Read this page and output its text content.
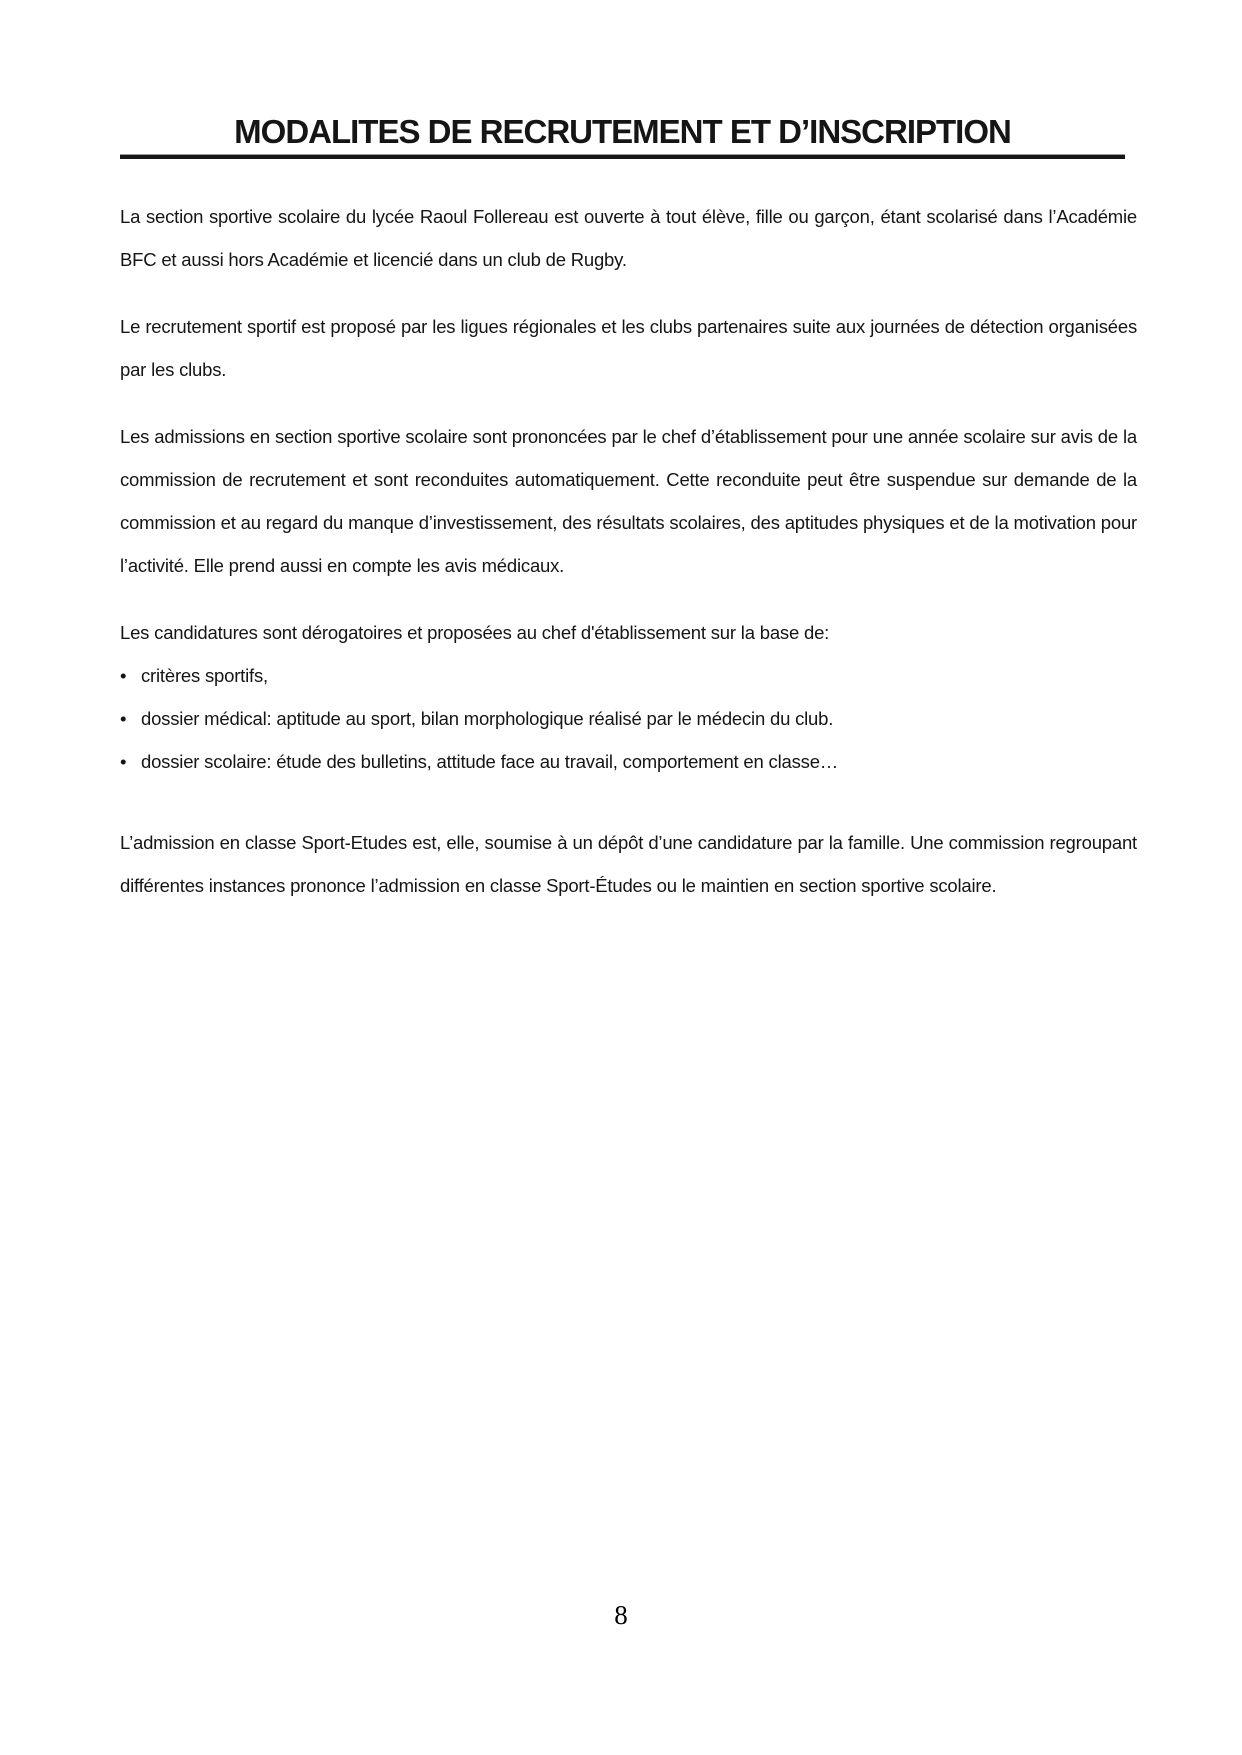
MODALITES DE RECRUTEMENT ET D’INSCRIPTION

La section sportive scolaire du lycée Raoul Follereau est ouverte à tout élève, fille ou garçon, étant scolarisé dans l’Académie BFC et aussi hors Académie et licencié dans un club de Rugby.

Le recrutement sportif est proposé par les ligues régionales et les clubs partenaires suite aux journées de détection organisées par les clubs.

Les admissions en section sportive scolaire sont prononcées par le chef d’établissement pour une année scolaire sur avis de la commission de recrutement et sont reconduites automatiquement. Cette reconduite peut être suspendue sur demande de la commission et au regard du manque d’investissement, des résultats scolaires, des aptitudes physiques et de la motivation pour l’activité. Elle prend aussi en compte les avis médicaux.

Les candidatures sont dérogatoires et proposées au chef d'établissement sur la base de:

• critères sportifs,
• dossier médical: aptitude au sport, bilan morphologique réalisé par le médecin du club.
• dossier scolaire: étude des bulletins, attitude face au travail, comportement en classe…

L’admission en classe Sport-Etudes est, elle, soumise à un dépôt d’une candidature par la famille. Une commission regroupant différentes instances prononce l’admission en classe Sport-Études ou le maintien en section sportive scolaire.

8
